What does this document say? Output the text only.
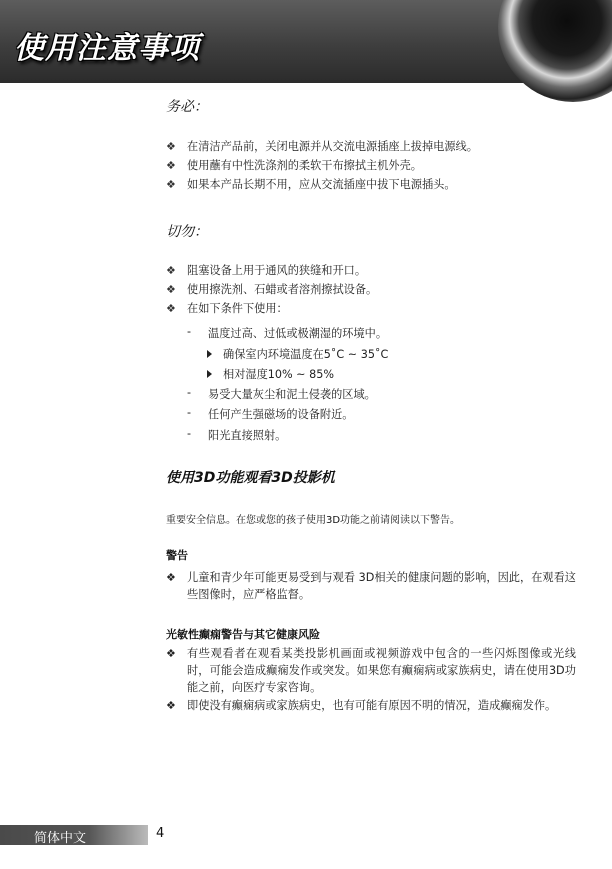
使用注意事项
务必：
❖ 在清洁产品前，关闭电源并从交流电源插座上拔掉电源线。
❖ 使用蘸有中性洗涤剂的柔软干布擦拭主机外壳。
❖ 如果本产品长期不用，应从交流插座中拔下电源插头。
切勿：
❖ 阻塞设备上用于通风的狭缝和开口。
❖ 使用擦洗剂、石蜡或者溶剂擦拭设备。
❖ 在如下条件下使用：
- 温度过高、过低或极潮湿的环境中。
确保室内环境温度在5˚C ~ 35˚C
相对湿度10% ~ 85%
- 易受大量灰尘和泥土侵袭的区域。
- 任何产生强磁场的设备附近。
- 阳光直接照射。
使用3D功能观看3D投影机
重要安全信息。在您或您的孩子使用3D功能之前请阅读以下警告。
警告
❖ 儿童和青少年可能更易受到与观看 3D相关的健康问题的影响，因此，在观看这些图像时，应严格监督。
光敏性癫痫警告与其它健康风险
❖ 有些观看者在观看某类投影机画面或视频游戏中包含的一些闪烁图像或光线时，可能会造成癫痫发作或突发。如果您有癫痫病或家族病史，请在使用3D功能之前，向医疗专家咨询。
❖ 即使没有癫痫病或家族病史，也有可能有原因不明的情况，造成癫痫发作。
简体中文	4
